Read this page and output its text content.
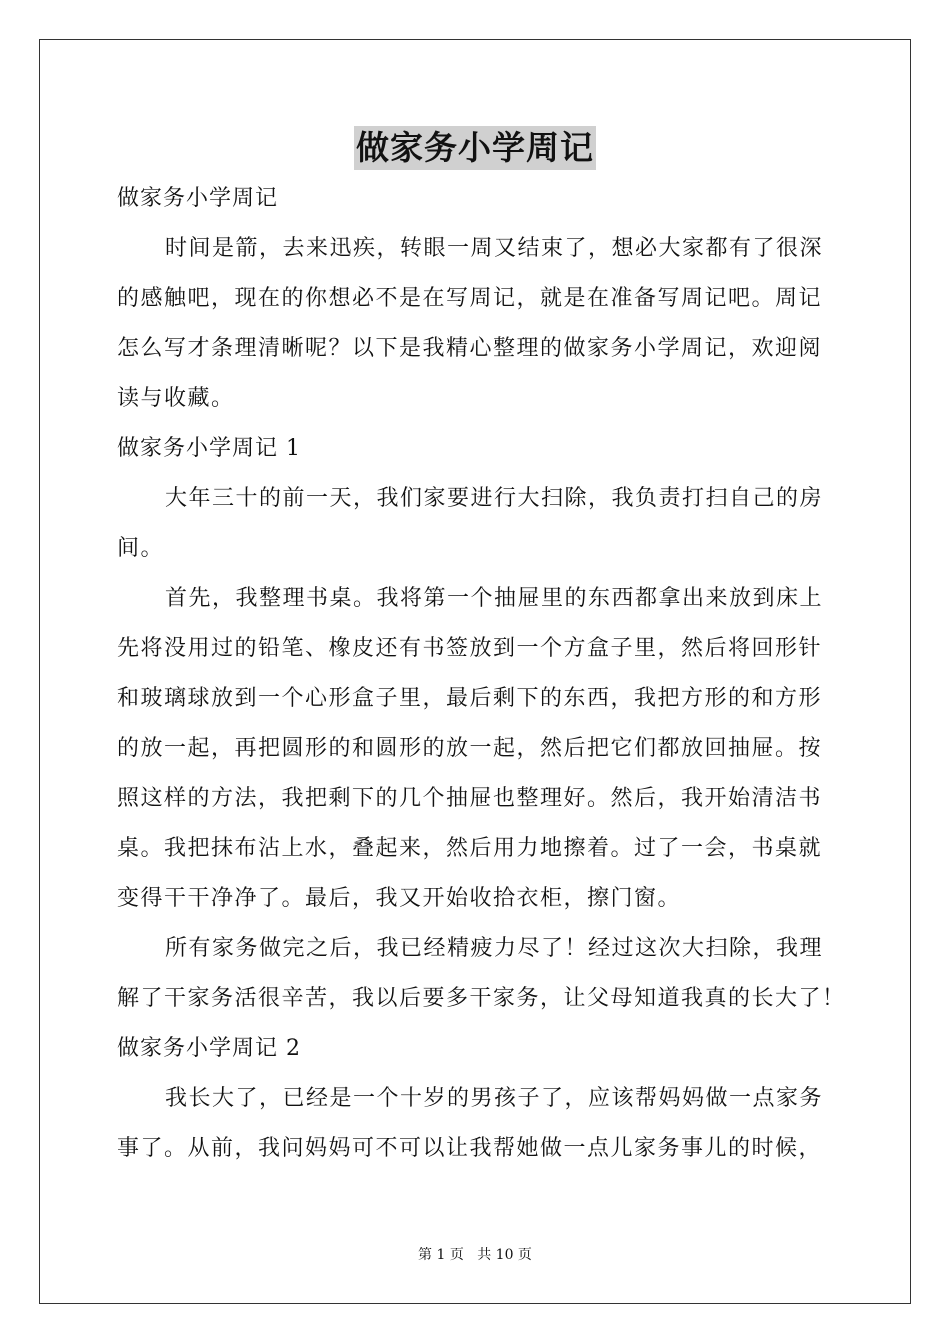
做家务小学周记
做家务小学周记
时间是箭，去来迅疾，转眼一周又结束了，想必大家都有了很深
的感触吧，现在的你想必不是在写周记，就是在准备写周记吧。周记
怎么写才条理清晰呢？以下是我精心整理的做家务小学周记，欢迎阅
读与收藏。
做家务小学周记 1
大年三十的前一天，我们家要进行大扫除，我负责打扫自己的房
间。
首先，我整理书桌。我将第一个抽屉里的东西都拿出来放到床上
先将没用过的铅笔、橡皮还有书签放到一个方盒子里，然后将回形针
和玻璃球放到一个心形盒子里，最后剩下的东西，我把方形的和方形
的放一起，再把圆形的和圆形的放一起，然后把它们都放回抽屉。按
照这样的方法，我把剩下的几个抽屉也整理好。然后，我开始清洁书
桌。我把抹布沾上水，叠起来，然后用力地擦着。过了一会，书桌就
变得干干净净了。最后，我又开始收拾衣柜，擦门窗。
所有家务做完之后，我已经精疲力尽了！经过这次大扫除，我理
解了干家务活很辛苦，我以后要多干家务，让父母知道我真的长大了！
做家务小学周记 2
我长大了，已经是一个十岁的男孩子了，应该帮妈妈做一点家务
事了。从前，我问妈妈可不可以让我帮她做一点儿家务事儿的时候，
第 1 页 共 10 页
